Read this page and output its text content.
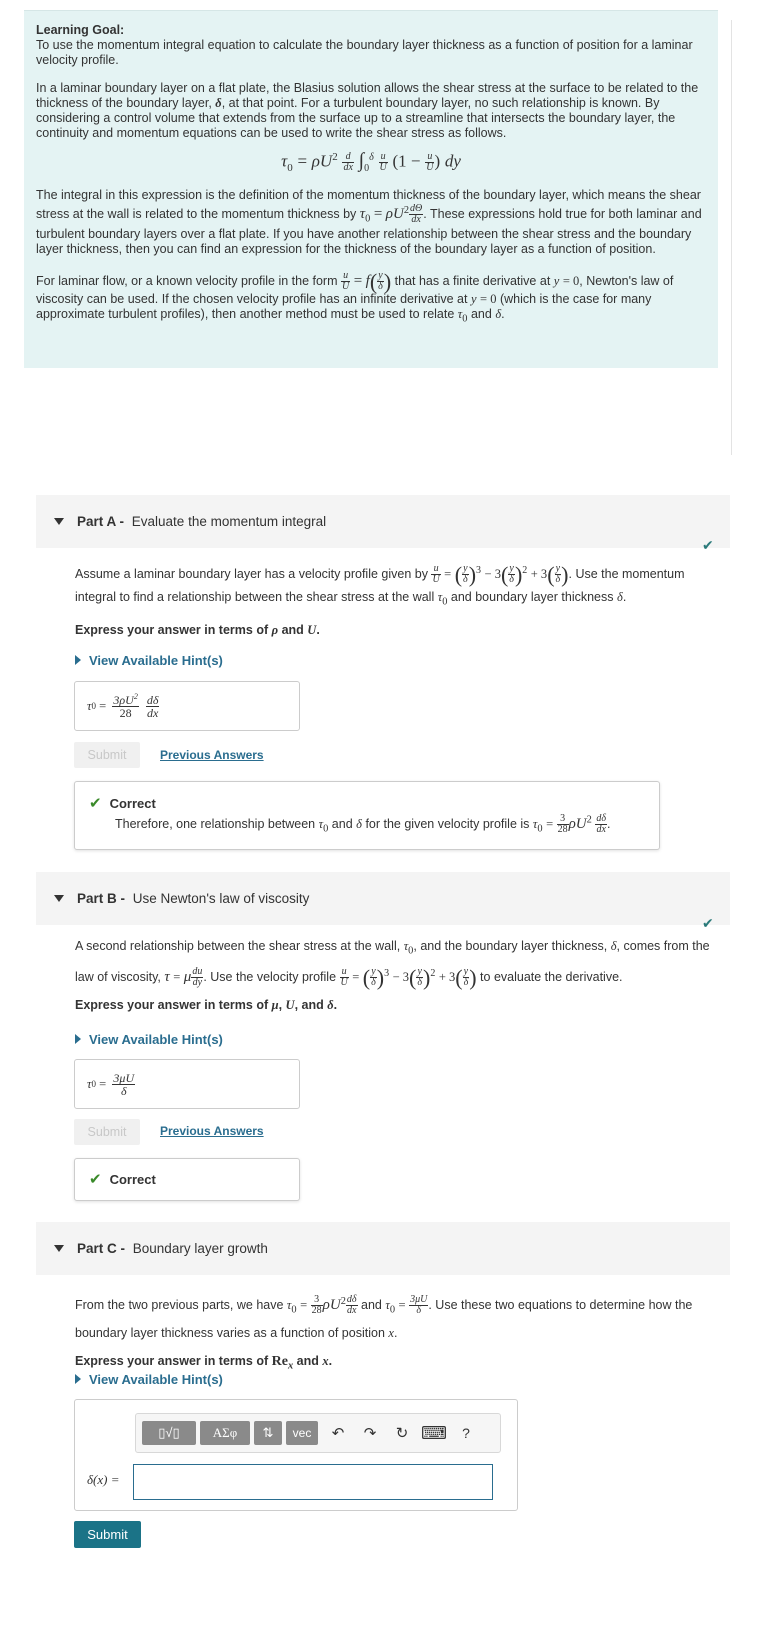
Learning Goal:

To use the momentum integral equation to calculate the boundary layer thickness as a function of position for a laminar velocity profile.

In a laminar boundary layer on a flat plate, the Blasius solution allows the shear stress at the surface to be related to the thickness of the boundary layer, δ, at that point. For a turbulent boundary layer, no such relationship is known. By considering a control volume that extends from the surface up to a streamline that intersects the boundary layer, the continuity and momentum equations can be used to write the shear stress as follows.

$\tau_0 = \rho U^2 \frac{d}{dx} \int_0^\delta \frac{u}{U} (1 - \frac{u}{U}$ ) dy

The integral in this expression is the definition of the momentum thickness of the boundary layer, which means the shear stress at the wall is related to the momentum thickness by $\tau_0 = \rho U^2 \frac{d\Theta}{dx}$ . These expressions hold true for both laminar and turbulent boundary layers over a flat plate. If you have another relationship between the shear stress and the boundary layer thickness, then you can find an expression for the thickness of the boundary layer as a function of position.

For laminar flow, or a known velocity profile in the form $\frac{u}{U} = f( \frac{y}{\delta}$ ) that has a finite derivative at y = 0, Newton's law of viscosity can be used. If the chosen velocity profile has an infinite derivative at y = 0 (which is the case for many approximate turbulent profiles), then another method must be used to relate $\tau_0$ and δ.

Part A -
Evaluate the momentum integral
✔

Assume a laminar boundary layer has a velocity profile given by $\frac{u}{U}$ = ( $\frac{y}{\delta} )^3 - 3( \frac{y}{\delta} )^2 + 3( \frac{y}{\delta}$ ). Use the momentum integral to find a relationship between the shear stress at the wall $\tau_0$ and boundary layer thickness δ.

Express your answer in terms of ρ and U.

View Available Hint(s)
τ $0 = \frac{3\rho U^2}{28}$
$\frac{d\delta}{dx}$
Submit	Previous Answers
✔ Correct
Therefore, one relationship between $\tau_0$ and δ for the given velocity profile is $\tau_0 = \frac{3}{28} \rho U^2 \frac{d\delta}{dx}$ .
Part B -
Use Newton's law of viscosity
✔

A second relationship between the shear stress at the wall, $\tau_0$, and the boundary layer thickness, δ, comes from the law of viscosity, τ = μ $\frac{du}{dy}$ . Use the velocity profile $\frac{u}{U}$ = ( $\frac{y}{\delta} )^3 - 3( \frac{y}{\delta} )^2 + 3( \frac{y}{\delta}$ ) to evaluate the derivative.

Express your answer in terms of μ, U, and δ.

View Available Hint(s)
τ $0 = \frac{3\mu U}{\delta}$
Submit	Previous Answers
✔ Correct
Part C -
Boundary layer growth

From the two previous parts, we have $\tau_0 = \frac{3}{28} \rho U^2 \frac{d\delta}{dx}$ and $\tau_0 = \frac{3\mu U}{\delta}$ . Use these two equations to determine how the boundary layer thickness varies as a function of position x.

Express your answer in terms of $Re_x$ and x.

View Available Hint(s)
▯√▯	ΑΣφ	⇅	vec	↶	↷	↻ ⌨	?
δ(x) =
Submit
